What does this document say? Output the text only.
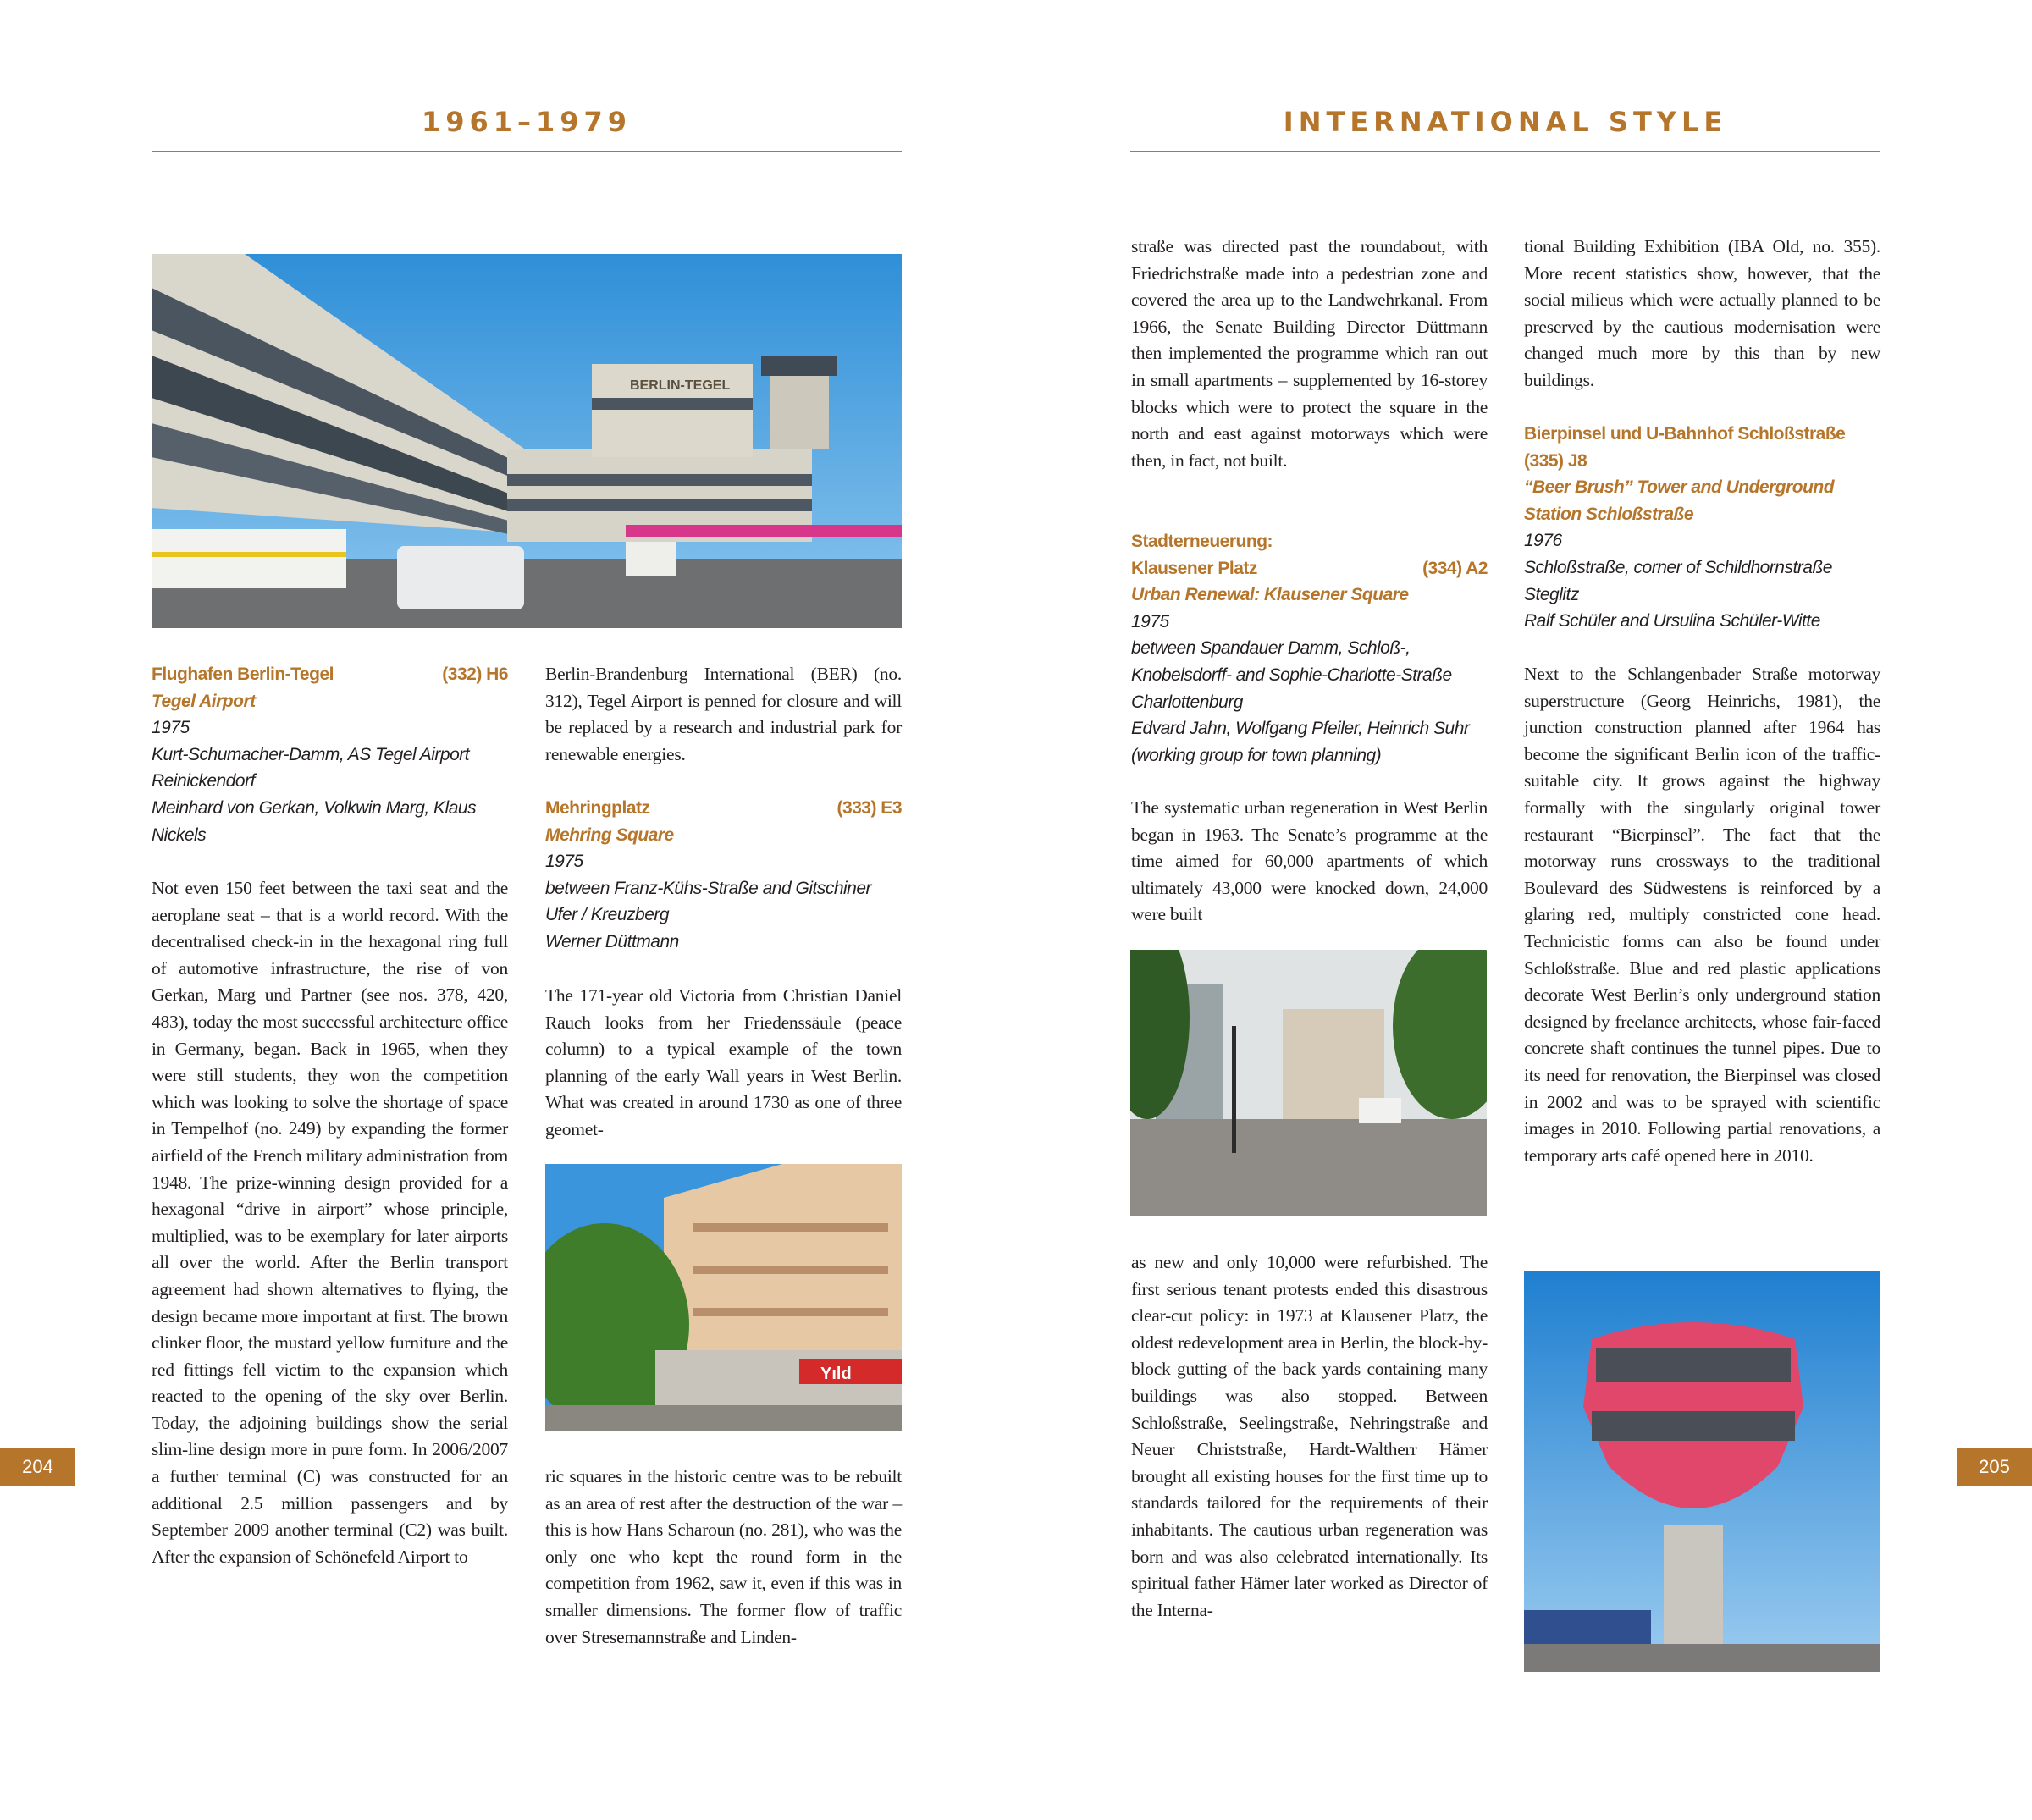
1961–1979	INTERNATIONAL STYLE
BERLIN-TEGEL
Flughafen Berlin-Tegel	(332) H6
Tegel Airport
1975
Kurt-Schumacher-Damm, AS Tegel Airport
Reinickendorf
Meinhard von Gerkan, Volkwin Marg, Klaus Nickels
Not even 150 feet between the taxi seat and the aeroplane seat – that is a world record. With the decentralised check-in in the hexagonal ring full of automotive infrastructure, the rise of von Gerkan, Marg und Partner (see nos. 378, 420, 483), today the most successful architecture office in Germany, began. Back in 1965, when they were still students, they won the competition which was looking to solve the shortage of space in Tempelhof (no. 249) by expanding the former airfield of the French military administration from 1948. The prize-winning design provided for a hexagonal “drive in airport” whose principle, multiplied, was to be exemplary for later airports all over the world. After the Berlin transport agreement had shown alternatives to flying, the design became more important at first. The brown clinker floor, the mustard yellow furniture and the red fittings fell victim to the expansion which reacted to the opening of the sky over Berlin. Today, the adjoining buildings show the serial slim-line design more in pure form. In 2006/2007 a further terminal (C) was constructed for an additional 2.5 million passengers and by September 2009 another terminal (C2) was built. After the expansion of Schönefeld Airport to
Berlin-Brandenburg International (BER) (no. 312), Tegel Airport is penned for closure and will be replaced by a research and industrial park for renewable energies.
Mehringplatz	(333) E3
Mehring Square
1975
between Franz-Kühs-Straße and Gitschiner Ufer / Kreuzberg
Werner Düttmann
The 171-year old Victoria from Christian Daniel Rauch looks from her Friedenssäule (peace column) to a typical example of the town planning of the early Wall years in West Berlin. What was created in around 1730 as one of three geomet-
Yıld
ric squares in the historic centre was to be rebuilt as an area of rest after the destruction of the war – this is how Hans Scharoun (no. 281), who was the only one who kept the round form in the competition from 1962, saw it, even if this was in smaller dimensions. The former flow of traffic over Stresemannstraße and Linden-
straße was directed past the roundabout, with Friedrichstraße made into a pedestrian zone and covered the area up to the Landwehrkanal. From 1966, the Senate Building Director Düttmann then implemented the programme which ran out in small apartments – supplemented by 16-storey blocks which were to protect the square in the north and east against motorways which were then, in fact, not built.
Stadterneuerung:
Klausener Platz	(334) A2
Urban Renewal: Klausener Square
1975
between Spandauer Damm, Schloß-, Knobelsdorff- and Sophie-Charlotte-Straße
Charlottenburg
Edvard Jahn, Wolfgang Pfeiler, Heinrich Suhr (working group for town planning)
The systematic urban regeneration in West Berlin began in 1963. The Senate’s programme at the time aimed for 60,000 apartments of which ultimately 43,000 were knocked down, 24,000 were built
as new and only 10,000 were refurbished. The first serious tenant protests ended this disastrous clear-cut policy: in 1973 at Klausener Platz, the oldest redevelopment area in Berlin, the block-by-block gutting of the back yards containing many buildings was also stopped. Between Schloßstraße, Seelingstraße, Nehringstraße and Neuer Christstraße, Hardt-Waltherr Hämer brought all existing houses for the first time up to standards tailored for the requirements of their inhabitants. The cautious urban regeneration was born and was also celebrated internationally. Its spiritual father Hämer later worked as Director of the Interna-
tional Building Exhibition (IBA Old, no. 355). More recent statistics show, however, that the social milieus which were actually planned to be preserved by the cautious modernisation were changed much more by this than by new buildings.
Bierpinsel und U-Bahnhof Schloßstraße
(335) J8
“Beer Brush” Tower and Underground Station Schloßstraße
1976
Schloßstraße, corner of Schildhornstraße
Steglitz
Ralf Schüler and Ursulina Schüler-Witte
Next to the Schlangenbader Straße motorway superstructure (Georg Heinrichs, 1981), the junction construction planned after 1964 has become the significant Berlin icon of the traffic-suitable city. It grows against the highway formally with the singularly original tower restaurant “Bierpinsel”. The fact that the motorway runs crossways to the traditional Boulevard des Südwestens is reinforced by a glaring red, multiply constricted cone head. Technicistic forms can also be found under Schloßstraße. Blue and red plastic applications decorate West Berlin’s only underground station designed by freelance architects, whose fair-faced concrete shaft continues the tunnel pipes. Due to its need for renovation, the Bierpinsel was closed in 2002 and was to be sprayed with scientific images in 2010. Following partial renovations, a temporary arts café opened here in 2010.
204	205
